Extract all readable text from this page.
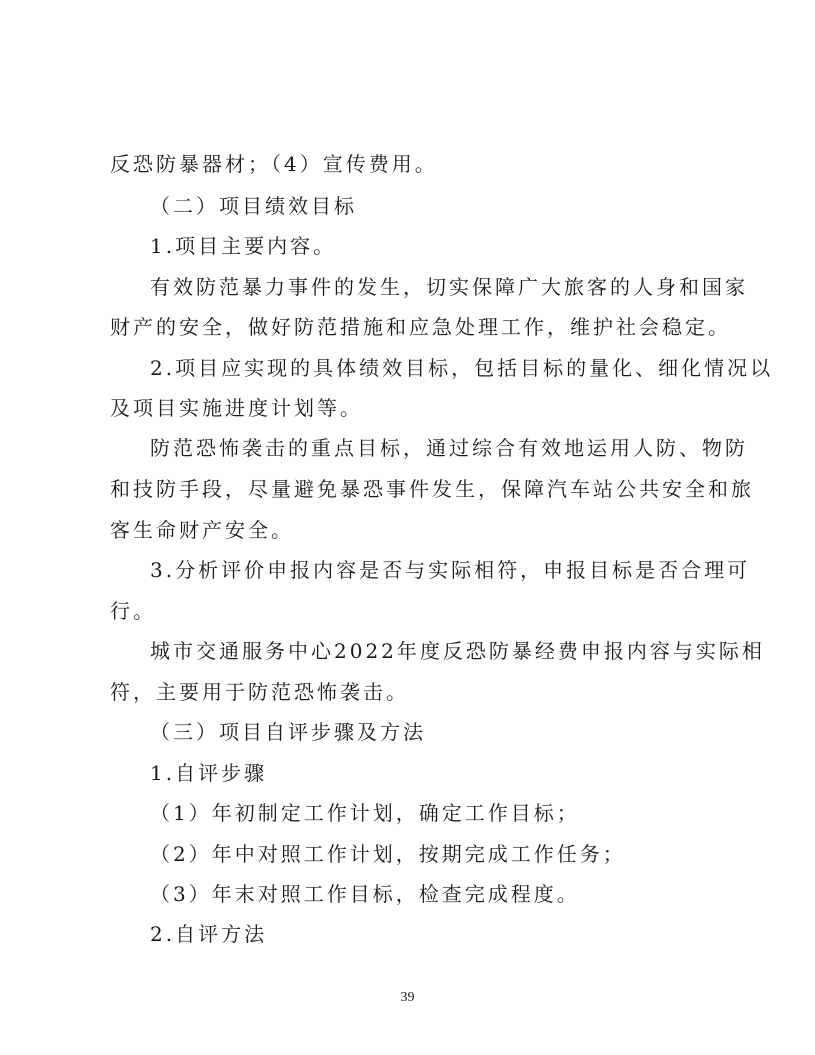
反恐防暴器材；（4）宣传费用。
（二）项目绩效目标
1.项目主要内容。
有效防范暴力事件的发生，切实保障广大旅客的人身和国家
财产的安全，做好防范措施和应急处理工作，维护社会稳定。
2.项目应实现的具体绩效目标，包括目标的量化、细化情况以
及项目实施进度计划等。
防范恐怖袭击的重点目标，通过综合有效地运用人防、物防
和技防手段，尽量避免暴恐事件发生，保障汽车站公共安全和旅
客生命财产安全。
3.分析评价申报内容是否与实际相符，申报目标是否合理可
行。
城市交通服务中心2022年度反恐防暴经费申报内容与实际相
符，主要用于防范恐怖袭击。
（三）项目自评步骤及方法
1.自评步骤
（1）年初制定工作计划，确定工作目标；
（2）年中对照工作计划，按期完成工作任务；
（3）年末对照工作目标，检查完成程度。
2.自评方法
39
